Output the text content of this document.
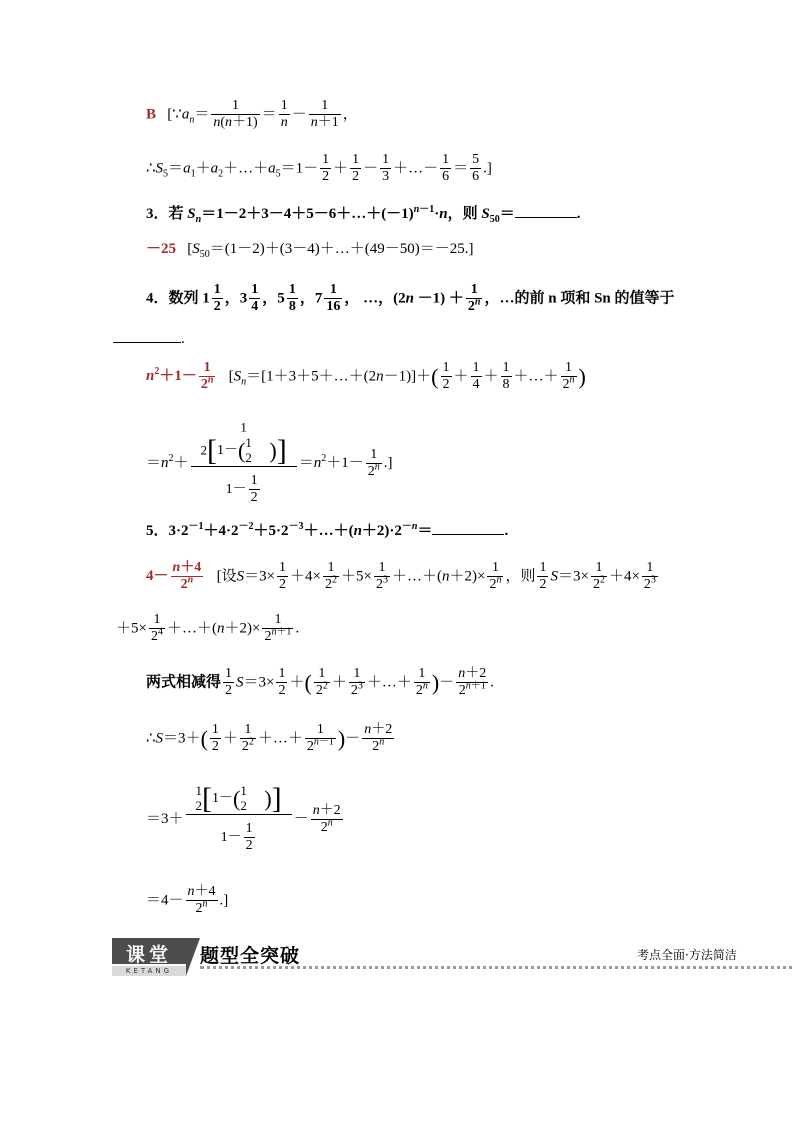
B   [$\because a_n= \frac{1}{n(n+1)} = \frac{1}{n} - \frac{1}{n+1}$ ，
$\therefore S_5=a_1+a_2+\dots+a_5=1- \frac{1}{2} + \frac{1}{2} - \frac{1}{3}$ ＋…－ $\frac{1}{6} = \frac{5}{6}$ .]
3．若 $S_n=1-2+3-4+5-6+\dots+(-1)^{n-1}\cdot n$，则 $S_{50}=$	.
－25   $[S_{50}=(1-2)+(3-4)+\dots+(49-50)=-25.]$
4．数列 $1 \frac{1}{2}$ ，$3 \frac{1}{4}$ ，$5 \frac{1}{8}$ ，$7 \frac{1}{16}$ ， …，$(2n -1) + \frac{1}{2^n}$ ，…的前 n 项和 Sn 的值等于
.
$n^2+1- \frac{1}{2^n}$ [$S_n=[1+3+5+\dots+(2n-1)]+( \frac{1}{2} + \frac{1}{4} + \frac{1}{8}$ ＋…＋ $\frac{1}{2^n}$ )
$=n^2+$
1
2[1－(1
2 )]
$1- \frac{1}{2}$
$=n^2+1- \frac{1}{2^n}$ .]
5．$3\cdot 2^{-1}+4\cdot 2^{-2}+5\cdot 2^{-3}+\dots+(n+2)\cdot 2^{-n}=$	.
$4- \frac{n+4}{2^n}$ [设$S=3\times \frac{1}{2} +4\times \frac{1}{2^2} +5\times \frac{1}{2^3}$ ＋…＋(n＋2)× $\frac{1}{2^n}$ ，则 $\frac{1}{2} S=3\times \frac{1}{2^2} +4\times \frac{1}{2^3}$
$+5\times \frac{1}{2^4}$ ＋…＋(n＋2)× $\frac{1}{2^{n+1}}$ .
两式相减得 $\frac{1}{2} S=3\times \frac{1}{2}$ ＋( $\frac{1}{2^2} + \frac{1}{2^3}$ ＋…＋ $\frac{1}{2^n}$ )－ $\frac{n+2}{2^{n+1}}$ .
∴S＝3＋( $\frac{1}{2} + \frac{1}{2^2}$ ＋…＋ $\frac{1}{2^{n-1}}$ )－ $\frac{n+2}{2^n}$
＝3＋
1
2[1－(1
2 )]
$1- \frac{1}{2}$
－ $\frac{n+2}{2^n}$
$=4- \frac{n+4}{2^n}$ .]
课堂
KETANG
题型全突破	考点全面·方法简洁
